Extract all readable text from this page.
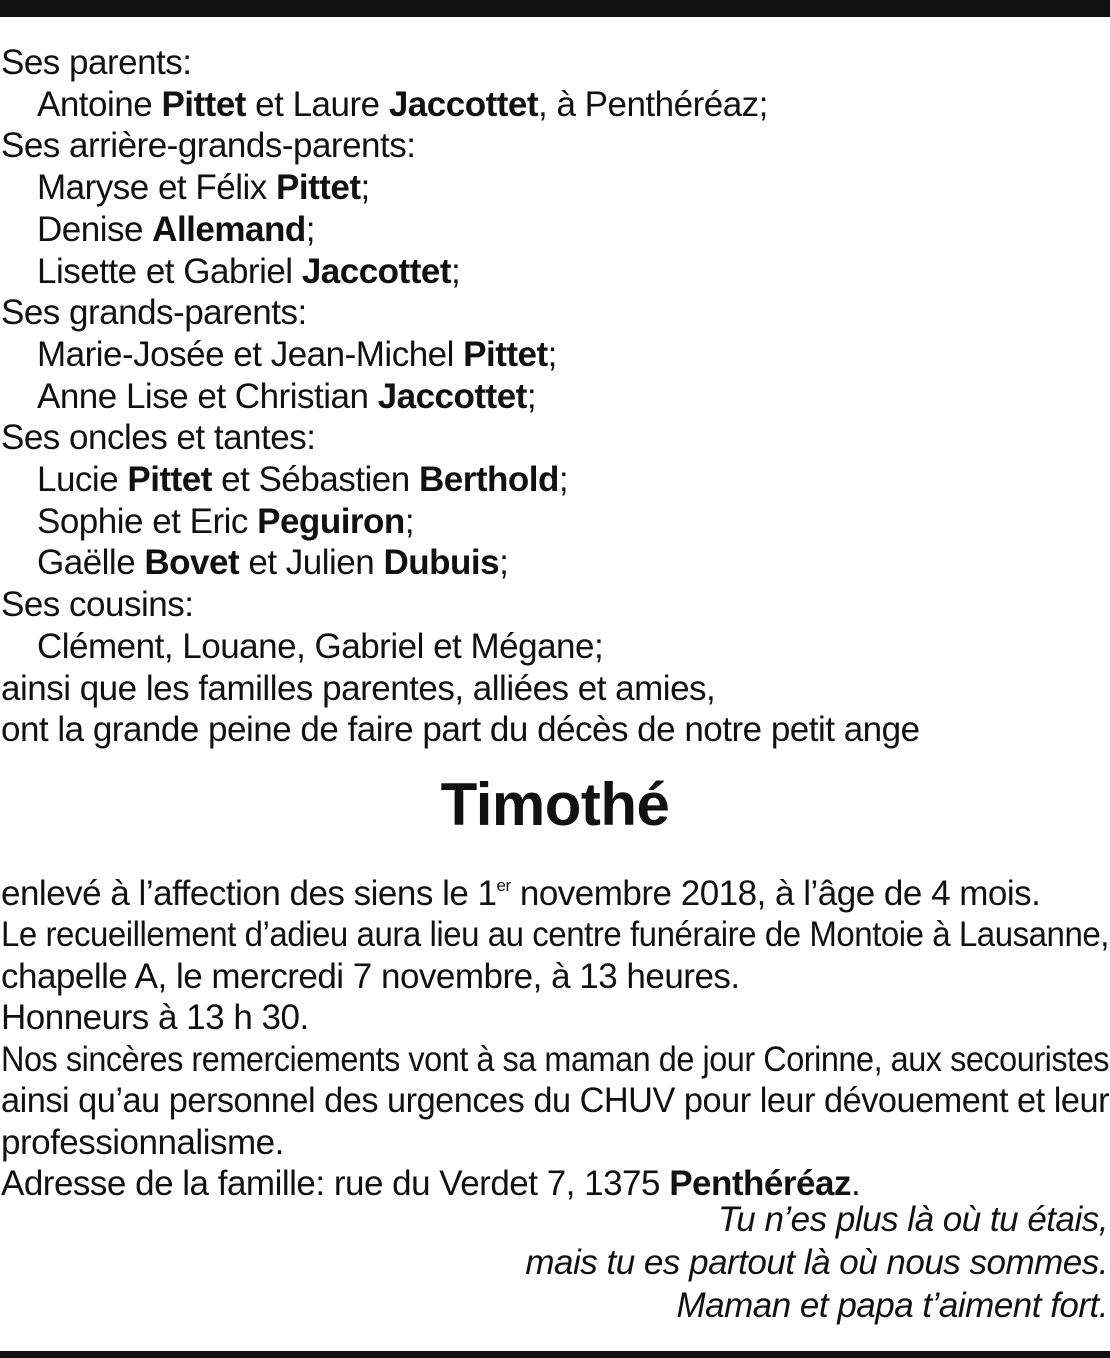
Ses parents:
Antoine Pittet et Laure Jaccottet, à Penthéréaz;
Ses arrière-grands-parents:
Maryse et Félix Pittet;
Denise Allemand;
Lisette et Gabriel Jaccottet;
Ses grands-parents:
Marie-Josée et Jean-Michel Pittet;
Anne Lise et Christian Jaccottet;
Ses oncles et tantes:
Lucie Pittet et Sébastien Berthold;
Sophie et Eric Peguiron;
Gaëlle Bovet et Julien Dubuis;
Ses cousins:
Clément, Louane, Gabriel et Mégane;
ainsi que les familles parentes, alliées et amies,
ont la grande peine de faire part du décès de notre petit ange
Timothé
enlevé à l’affection des siens le 1er novembre 2018, à l’âge de 4 mois.
Le recueillement d’adieu aura lieu au centre funéraire de Montoie à Lausanne,
chapelle A, le mercredi 7 novembre, à 13 heures.
Honneurs à 13 h 30.
Nos sincères remerciements vont à sa maman de jour Corinne, aux secouristes
ainsi qu’au personnel des urgences du CHUV pour leur dévouement et leur
professionnalisme.
Adresse de la famille: rue du Verdet 7, 1375 Penthéréaz.
Tu n’es plus là où tu étais,
mais tu es partout là où nous sommes.
Maman et papa t’aiment fort.
